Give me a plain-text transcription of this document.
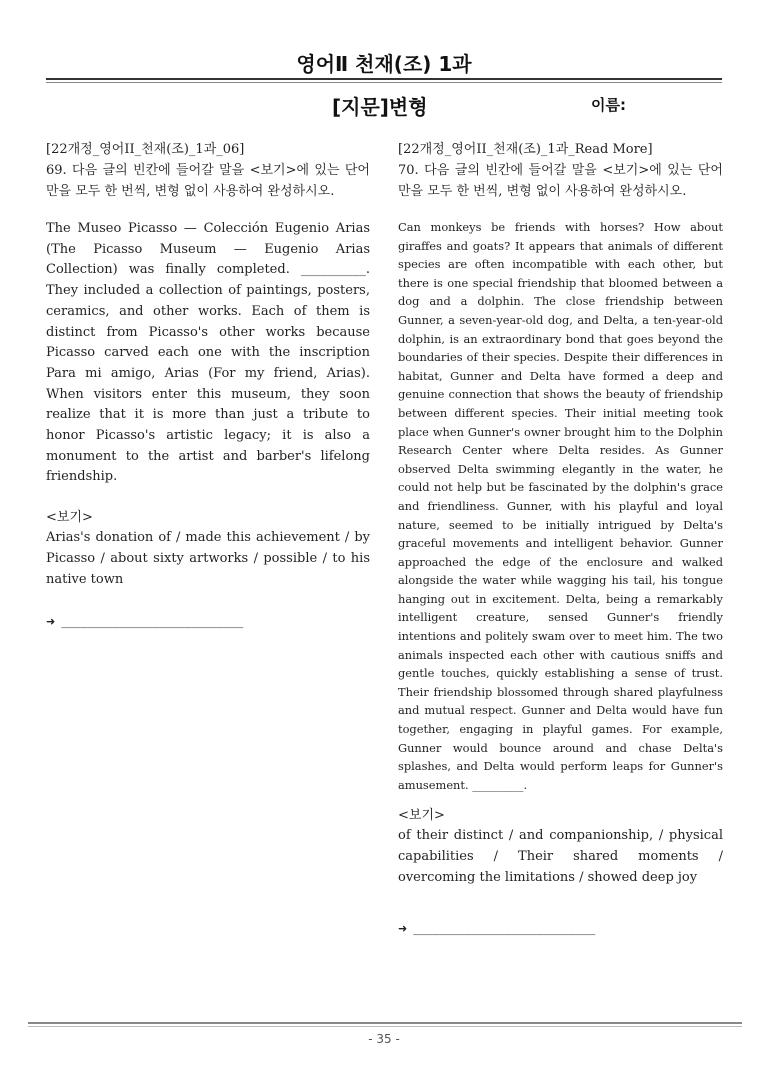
영어Ⅱ 천재(조) 1과
[지문]변형	이름:

[22개정_영어II_천재(조)_1과_06]

69. 다음 글의 빈칸에 들어갈 말을 <보기>에 있는 단어만을 모두 한 번씩, 변형 없이 사용하여 완성하시오.

The Museo Picasso — Colección Eugenio Arias (The Picasso Museum — Eugenio Arias Collection) was finally completed. __________. They included a collection of paintings, posters, ceramics, and other works. Each of them is distinct from Picasso's other works because Picasso carved each one with the inscription Para mi amigo, Arias (For my friend, Arias). When visitors enter this museum, they soon realize that it is more than just a tribute to honor Picasso's artistic legacy; it is also a monument to the artist and barber's lifelong friendship.

<보기>

Arias's donation of / made this achievement / by Picasso / about sixty artworks / possible / to his native town

➜ ____________________________

[22개정_영어II_천재(조)_1과_Read More]

70. 다음 글의 빈칸에 들어갈 말을 <보기>에 있는 단어만을 모두 한 번씩, 변형 없이 사용하여 완성하시오.

Can monkeys be friends with horses? How about giraffes and goats? It appears that animals of different species are often incompatible with each other, but there is one special friendship that bloomed between a dog and a dolphin. The close friendship between Gunner, a seven-year-old dog, and Delta, a ten-year-old dolphin, is an extraordinary bond that goes beyond the boundaries of their species. Despite their differences in habitat, Gunner and Delta have formed a deep and genuine connection that shows the beauty of friendship between different species. Their initial meeting took place when Gunner's owner brought him to the Dolphin Research Center where Delta resides. As Gunner observed Delta swimming elegantly in the water, he could not help but be fascinated by the dolphin's grace and friendliness. Gunner, with his playful and loyal nature, seemed to be initially intrigued by Delta's graceful movements and intelligent behavior. Gunner approached the edge of the enclosure and walked alongside the water while wagging his tail, his tongue hanging out in excitement. Delta, being a remarkably intelligent creature, sensed Gunner's friendly intentions and politely swam over to meet him. The two animals inspected each other with cautious sniffs and gentle touches, quickly establishing a sense of trust. Their friendship blossomed through shared playfulness and mutual respect. Gunner and Delta would have fun together, engaging in playful games. For example, Gunner would bounce around and chase Delta's splashes, and Delta would perform leaps for Gunner's amusement. _________.

<보기>

of their distinct / and companionship, / physical capabilities / Their shared moments / overcoming the limitations / showed deep joy

➜ ____________________________
- 35 -
